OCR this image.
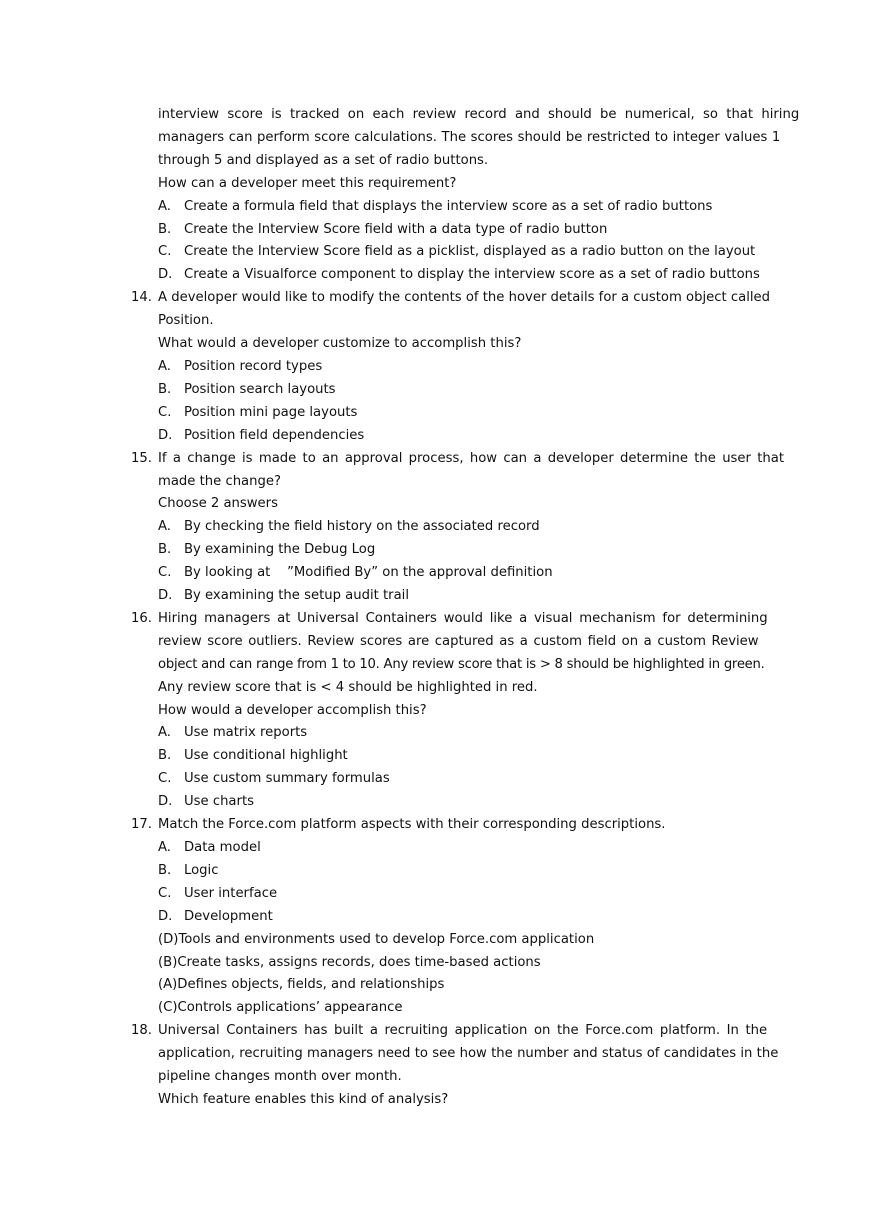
interview score is tracked on each review record and should be numerical, so that hiring
managers can perform score calculations. The scores should be restricted to integer values 1
through 5 and displayed as a set of radio buttons.
How can a developer meet this requirement?
A. Create a formula field that displays the interview score as a set of radio buttons
B. Create the Interview Score field with a data type of radio button
C. Create the Interview Score field as a picklist, displayed as a radio button on the layout
D. Create a Visualforce component to display the interview score as a set of radio buttons
14. A developer would like to modify the contents of the hover details for a custom object called
Position.
What would a developer customize to accomplish this?
A. Position record types
B. Position search layouts
C. Position mini page layouts
D. Position field dependencies
15. If a change is made to an approval process, how can a developer determine the user that
made the change?
Choose 2 answers
A. By checking the field history on the associated record
B. By examining the Debug Log
C. By looking at    ”Modified By” on the approval definition
D. By examining the setup audit trail
16. Hiring managers at Universal Containers would like a visual mechanism for determining
review score outliers. Review scores are captured as a custom field on a custom Review
object and can range from 1 to 10. Any review score that is > 8 should be highlighted in green.
Any review score that is < 4 should be highlighted in red.
How would a developer accomplish this?
A. Use matrix reports
B. Use conditional highlight
C. Use custom summary formulas
D. Use charts
17. Match the Force.com platform aspects with their corresponding descriptions.
A. Data model
B. Logic
C. User interface
D. Development
(D)Tools and environments used to develop Force.com application
(B)Create tasks, assigns records, does time-based actions
(A)Defines objects, fields, and relationships
(C)Controls applications’ appearance
18. Universal Containers has built a recruiting application on the Force.com platform. In the
application, recruiting managers need to see how the number and status of candidates in the
pipeline changes month over month.
Which feature enables this kind of analysis?
